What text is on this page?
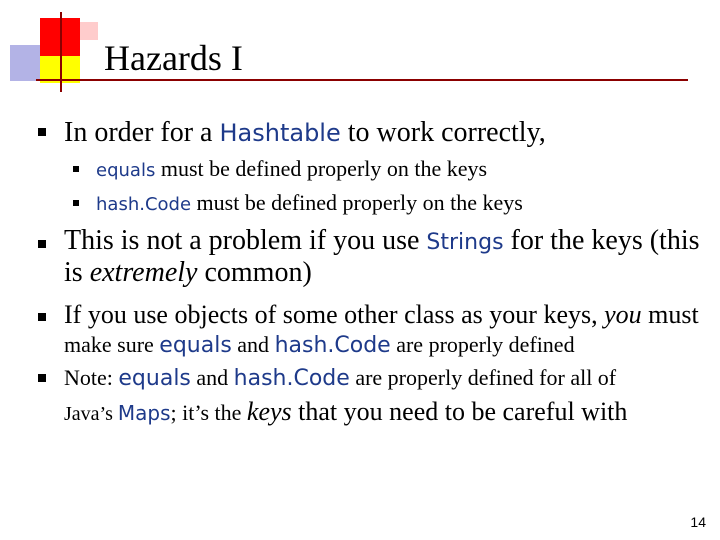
Hazards I
In order for a Hashtable to work correctly,
equals must be defined properly on the keys
hash.Code must be defined properly on the keys
This is not a problem if you use Strings for the keys (this
is extremely common)
If you use objects of some other class as your keys, you must
make sure equals and hash.Code are properly defined
Note: equals and hash.Code are properly defined for all of
Java’s Maps; it’s the keys that you need to be careful with
14
